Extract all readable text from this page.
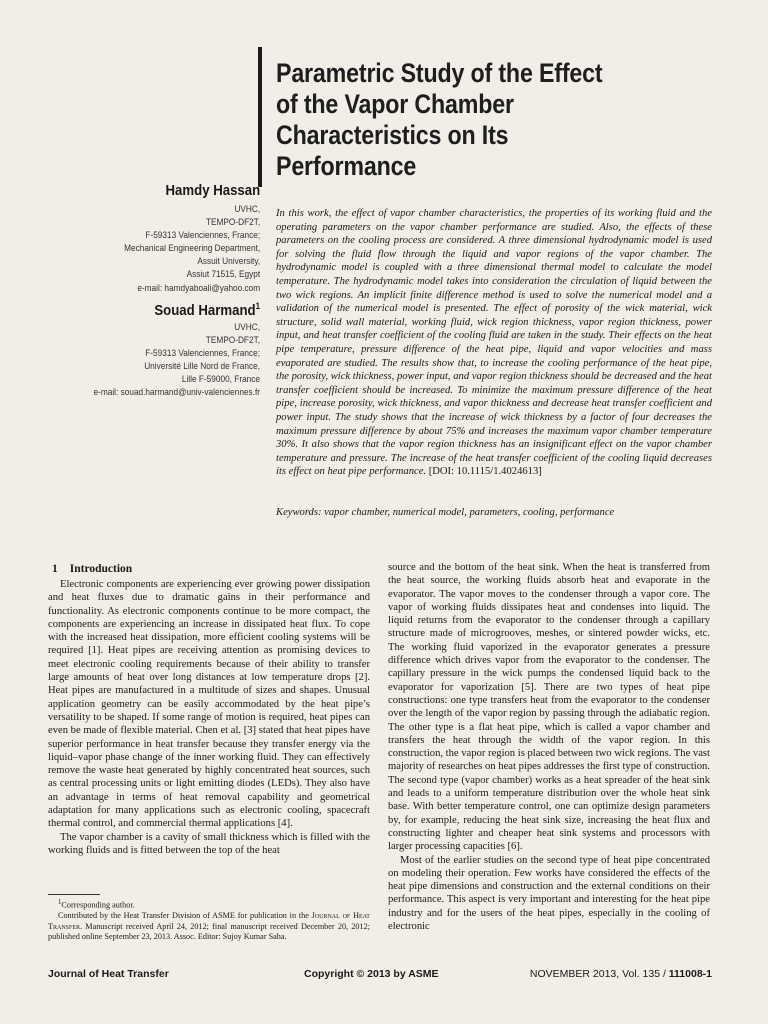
Parametric Study of the Effect
of the Vapor Chamber
Characteristics on Its
Performance
Hamdy Hassan
UVHC,
TEMPO-DF2T,
F-59313 Valenciennes, France;
Mechanical Engineering Department,
Assuit University,
Assiut 71515, Egypt
e-mail: hamdyaboali@yahoo.com
Souad Harmand$^1$
UVHC,
TEMPO-DF2T,
F-59313 Valenciennes, France;
Université Lille Nord de France,
Lille F-59000, France
e-mail: souad.harmand@univ-valenciennes.fr
In this work, the effect of vapor chamber characteristics, the properties of its working fluid and the operating parameters on the vapor chamber performance are studied. Also, the effects of these parameters on the cooling process are considered. A three dimensional hydrodynamic model is used for solving the fluid flow through the liquid and vapor regions of the vapor chamber. The hydrodynamic model is coupled with a three dimensional thermal model to calculate the model temperature. The hydrodynamic model takes into consideration the circulation of liquid between the two wick regions. An implicit finite difference method is used to solve the numerical model and a validation of the numerical model is presented. The effect of porosity of the wick material, wick structure, solid wall material, working fluid, wick region thickness, vapor region thickness, power input, and heat transfer coefficient of the cooling fluid are taken in the study. Their effects on the heat pipe temperature, pressure difference of the heat pipe, liquid and vapor velocities and mass evaporated are studied. The results show that, to increase the cooling performance of the heat pipe, the porosity, wick thickness, power input, and vapor region thickness should be decreased and the heat transfer coefficient should be increased. To minimize the maximum pressure difference of the heat pipe, increase porosity, wick thickness, and vapor thickness and decrease heat transfer coefficient and power input. The study shows that the increase of wick thickness by a factor of four decreases the maximum pressure difference by about 75% and increases the maximum vapor chamber temperature 30%. It also shows that the vapor region thickness has an insignificant effect on the vapor chamber temperature and pressure. The increase of the heat transfer coefficient of the cooling liquid decreases its effect on heat pipe performance. [DOI: 10.1115/1.4024613]
Keywords: vapor chamber, numerical model, parameters, cooling, performance
1 Introduction

Electronic components are experiencing ever growing power dissipation and heat fluxes due to dramatic gains in their performance and functionality. As electronic components continue to be more compact, the components are experiencing an increase in dissipated heat flux. To cope with the increased heat dissipation, more efficient cooling systems will be required [1]. Heat pipes are receiving attention as promising devices to meet electronic cooling requirements because of their ability to transfer large amounts of heat over long distances at low temperature drops [2]. Heat pipes are manufactured in a multitude of sizes and shapes. Unusual application geometry can be easily accommodated by the heat pipe’s versatility to be shaped. If some range of motion is required, heat pipes can even be made of flexible material. Chen et al. [3] stated that heat pipes have superior performance in heat transfer because they transfer energy via the liquid–vapor phase change of the inner working fluid. They can effectively remove the waste heat generated by highly concentrated heat sources, such as central processing units or light emitting diodes (LEDs). They also have an advantage in terms of heat removal capability and geometrical adaptation for many applications such as electronic cooling, spacecraft thermal control, and commercial thermal applications [4].

The vapor chamber is a cavity of small thickness which is filled with the working fluids and is fitted between the top of the heat

source and the bottom of the heat sink. When the heat is transferred from the heat source, the working fluids absorb heat and evaporate in the evaporator. The vapor moves to the condenser through a vapor core. The vapor of working fluids dissipates heat and condenses into liquid. The liquid returns from the evaporator to the condenser through a capillary structure made of microgrooves, meshes, or sintered powder wicks, etc. The working fluid vaporized in the evaporator generates a pressure difference which drives vapor from the evaporator to the condenser. The capillary pressure in the wick pumps the condensed liquid back to the evaporator for vaporization [5]. There are two types of heat pipe constructions: one type transfers heat from the evaporator to the condenser over the length of the vapor region by passing through the adiabatic region. The other type is a flat heat pipe, which is called a vapor chamber and transfers the heat through the width of the vapor region. In this construction, the vapor region is placed between two wick regions. The vast majority of researches on heat pipes addresses the first type of construction. The second type (vapor chamber) works as a heat spreader of the heat sink and leads to a uniform temperature distribution over the whole heat sink base. With better temperature control, one can optimize design parameters by, for example, reducing the heat sink size, increasing the heat flux and constructing lighter and cheaper heat sink systems and processors with larger processing capacities [6].

Most of the earlier studies on the second type of heat pipe concentrated on modeling their operation. Few works have considered the effects of the heat pipe dimensions and construction and the external conditions on their performance. This aspect is very important and interesting for the heat pipe industry and for the users of the heat pipes, especially in the cooling of electronic

$^1$Corresponding author.

Contributed by the Heat Transfer Division of ASME for publication in the Journal of Heat Transfer. Manuscript received April 24, 2012; final manuscript received December 20, 2012; published online September 23, 2013. Assoc. Editor: Sujoy Kumar Saha.

Journal of Heat Transfer	Copyright © 2013 by ASME	NOVEMBER 2013, Vol. 135 / 111008-1
